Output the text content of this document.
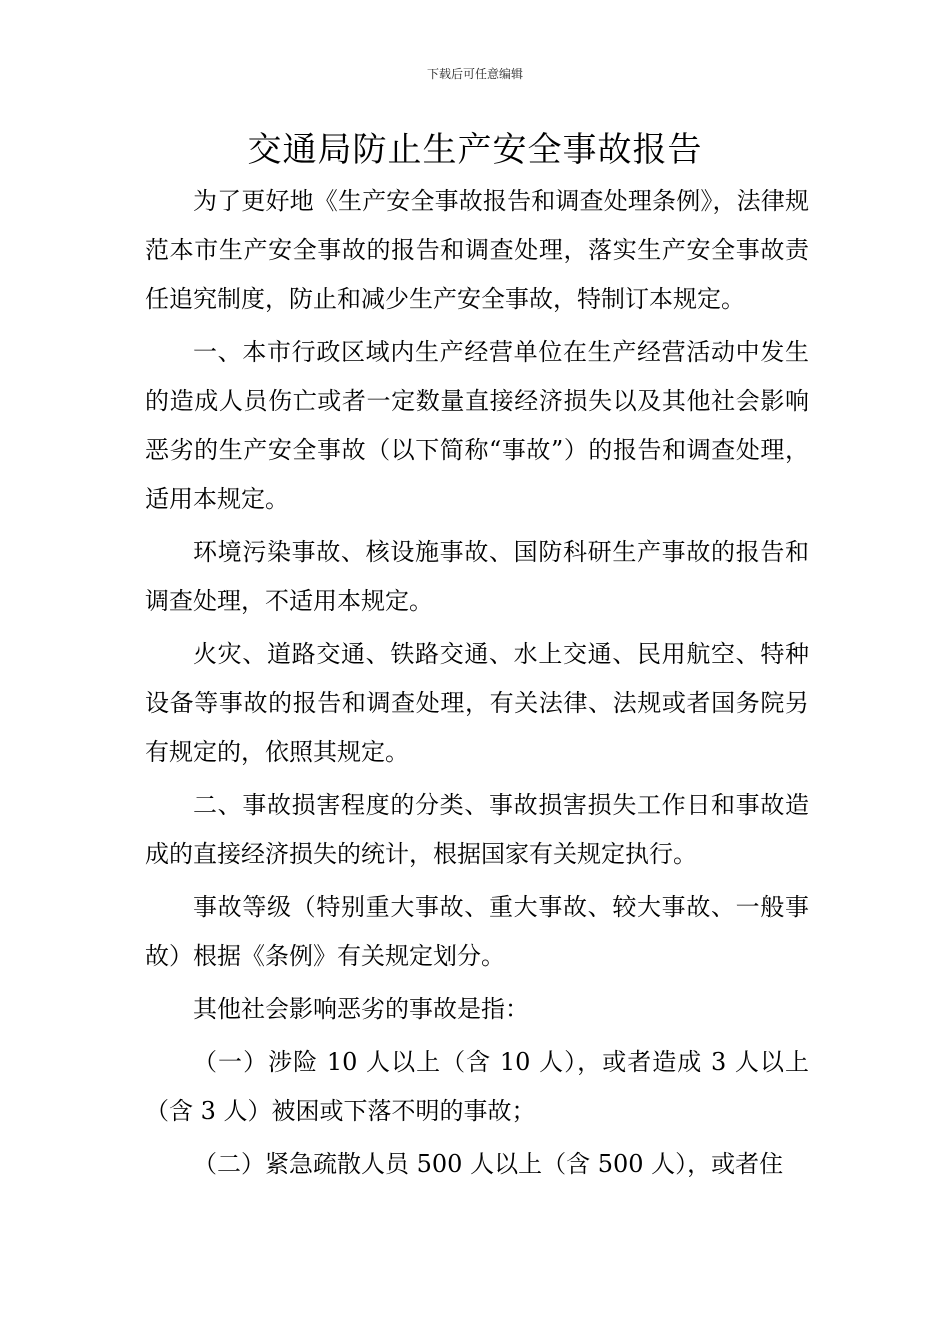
下载后可任意编辑
交通局防止生产安全事故报告

为了更好地《生产安全事故报告和调查处理条例》，法律规范本市生产安全事故的报告和调查处理，落实生产安全事故责任追究制度，防止和减少生产安全事故，特制订本规定。

一、本市行政区域内生产经营单位在生产经营活动中发生的造成人员伤亡或者一定数量直接经济损失以及其他社会影响恶劣的生产安全事故（以下简称“事故”）的报告和调查处理，适用本规定。

环境污染事故、核设施事故、国防科研生产事故的报告和调查处理，不适用本规定。

火灾、道路交通、铁路交通、水上交通、民用航空、特种设备等事故的报告和调查处理，有关法律、法规或者国务院另有规定的，依照其规定。

二、事故损害程度的分类、事故损害损失工作日和事故造成的直接经济损失的统计，根据国家有关规定执行。

事故等级（特别重大事故、重大事故、较大事故、一般事故）根据《条例》有关规定划分。

其他社会影响恶劣的事故是指：

（一）涉险 10 人以上（含 10 人），或者造成 3 人以上（含 3 人）被困或下落不明的事故；

（二）紧急疏散人员 500 人以上（含 500 人），或者住
